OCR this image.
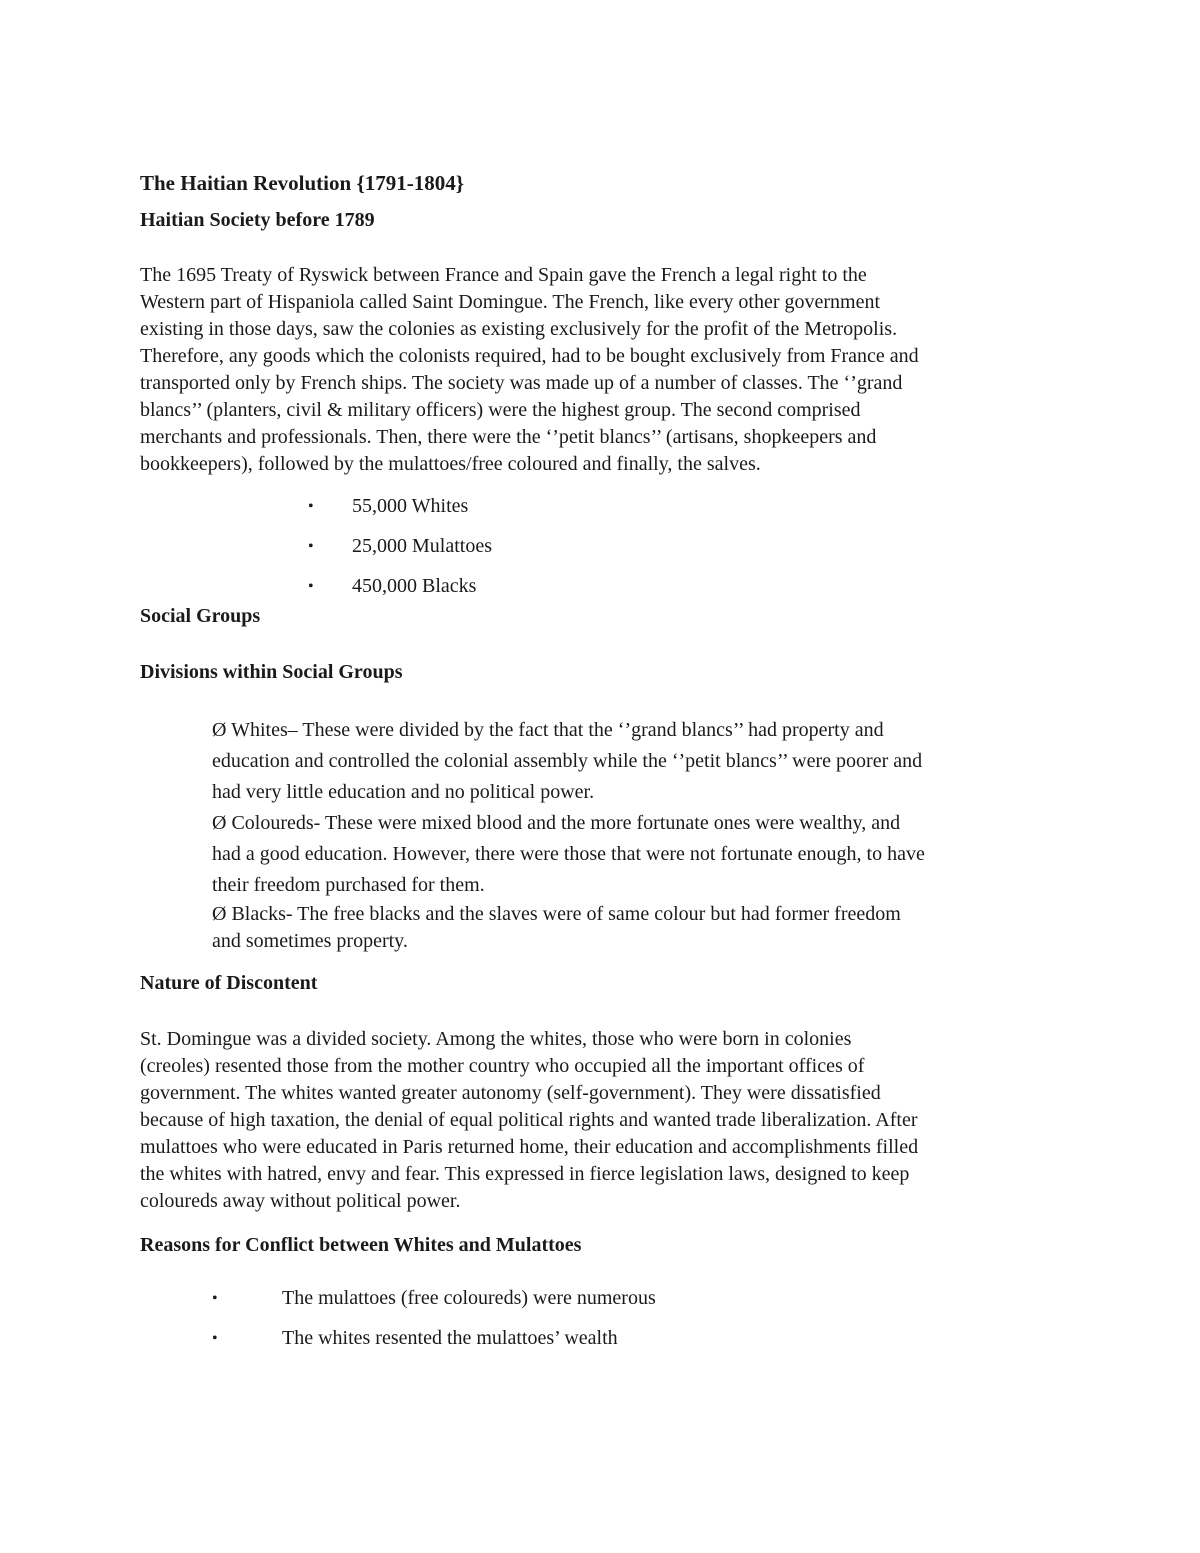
The Haitian Revolution {1791-1804}
Haitian Society before 1789
The 1695 Treaty of Ryswick between France and Spain gave the French a legal right to the
Western part of Hispaniola called Saint Domingue. The French, like every other government
existing in those days, saw the colonies as existing exclusively for the profit of the Metropolis.
Therefore, any goods which the colonists required, had to be bought exclusively from France and
transported only by French ships. The society was made up of a number of classes. The ‘’grand
blancs’’ (planters, civil & military officers) were the highest group. The second comprised
merchants and professionals. Then, there were the ‘’petit blancs’’ (artisans, shopkeepers and
bookkeepers), followed by the mulattoes/free coloured and finally, the salves.
• 55,000 Whites
• 25,000 Mulattoes
• 450,000 Blacks
Social Groups
Divisions within Social Groups
Ø Whites– These were divided by the fact that the ‘’grand blancs’’ had property and
education and controlled the colonial assembly while the ‘’petit blancs’’ were poorer and
had very little education and no political power.
Ø Coloureds- These were mixed blood and the more fortunate ones were wealthy, and
had a good education. However, there were those that were not fortunate enough, to have
their freedom purchased for them.
Ø Blacks- The free blacks and the slaves were of same colour but had former freedom
and sometimes property.
Nature of Discontent
St. Domingue was a divided society. Among the whites, those who were born in colonies
(creoles) resented those from the mother country who occupied all the important offices of
government. The whites wanted greater autonomy (self-government). They were dissatisfied
because of high taxation, the denial of equal political rights and wanted trade liberalization. After
mulattoes who were educated in Paris returned home, their education and accomplishments filled
the whites with hatred, envy and fear. This expressed in fierce legislation laws, designed to keep
coloureds away without political power.
Reasons for Conflict between Whites and Mulattoes
•	The mulattoes (free coloureds) were numerous
•	The whites resented the mulattoes’ wealth
